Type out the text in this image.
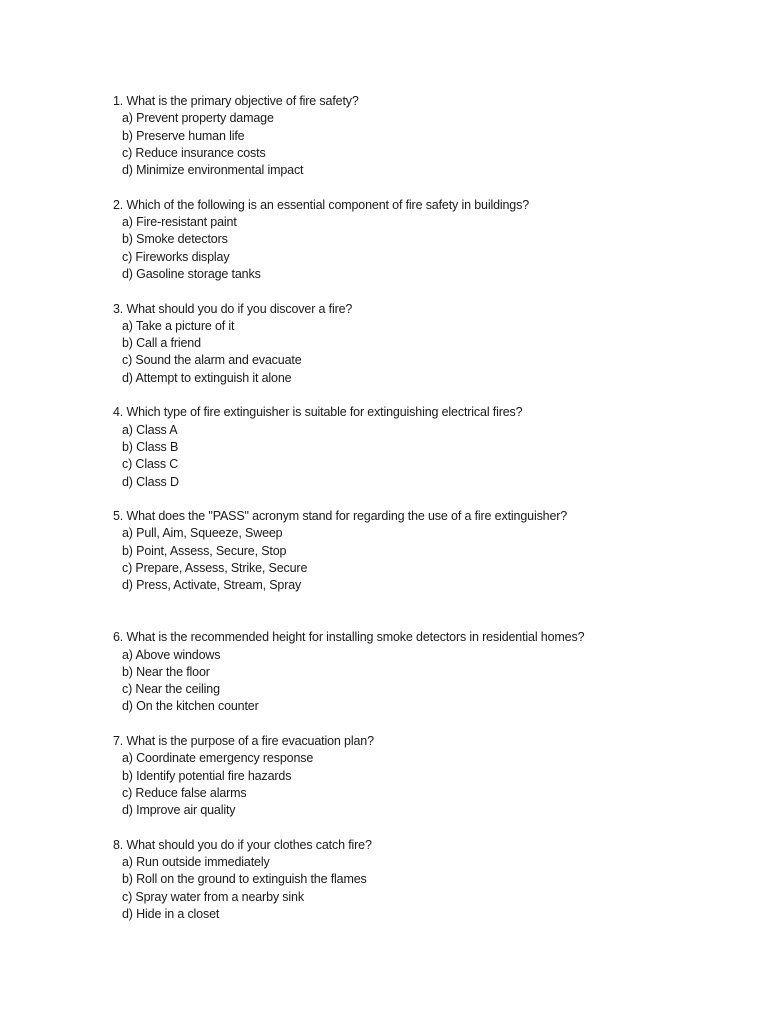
1. What is the primary objective of fire safety?
a) Prevent property damage
b) Preserve human life
c) Reduce insurance costs
d) Minimize environmental impact
2. Which of the following is an essential component of fire safety in buildings?
a) Fire-resistant paint
b) Smoke detectors
c) Fireworks display
d) Gasoline storage tanks
3. What should you do if you discover a fire?
a) Take a picture of it
b) Call a friend
c) Sound the alarm and evacuate
d) Attempt to extinguish it alone
4. Which type of fire extinguisher is suitable for extinguishing electrical fires?
a) Class A
b) Class B
c) Class C
d) Class D
5. What does the "PASS" acronym stand for regarding the use of a fire extinguisher?
a) Pull, Aim, Squeeze, Sweep
b) Point, Assess, Secure, Stop
c) Prepare, Assess, Strike, Secure
d) Press, Activate, Stream, Spray
6. What is the recommended height for installing smoke detectors in residential homes?
a) Above windows
b) Near the floor
c) Near the ceiling
d) On the kitchen counter
7. What is the purpose of a fire evacuation plan?
a) Coordinate emergency response
b) Identify potential fire hazards
c) Reduce false alarms
d) Improve air quality
8. What should you do if your clothes catch fire?
a) Run outside immediately
b) Roll on the ground to extinguish the flames
c) Spray water from a nearby sink
d) Hide in a closet
